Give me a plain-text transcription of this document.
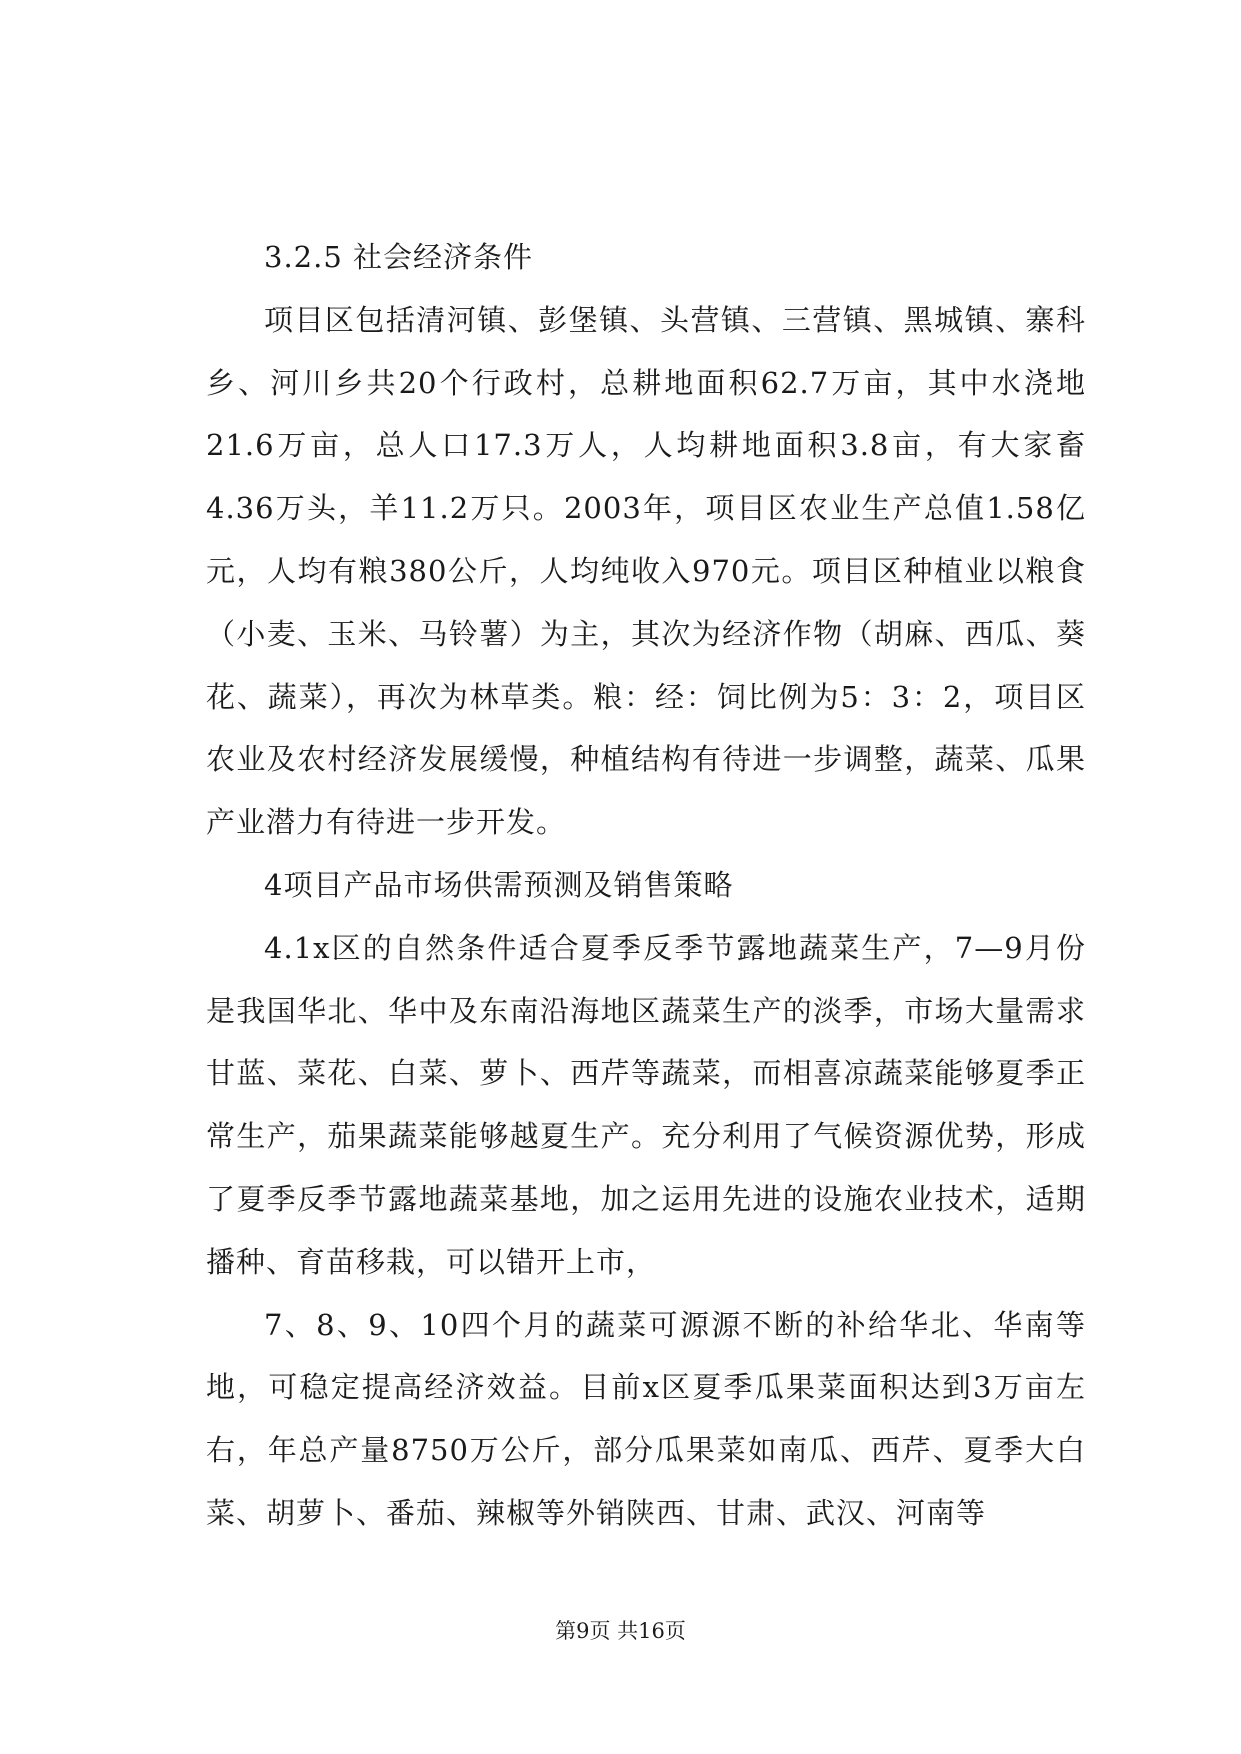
3.2.5 社会经济条件

项目区包括清河镇、彭堡镇、头营镇、三营镇、黑城镇、寨科乡、河川乡共20个行政村，总耕地面积62.7万亩，其中水浇地21.6万亩，总人口17.3万人，人均耕地面积3.8亩，有大家畜4.36万头，羊11.2万只。2003年，项目区农业生产总值1.58亿元，人均有粮380公斤，人均纯收入970元。项目区种植业以粮食（小麦、玉米、马铃薯）为主，其次为经济作物（胡麻、西瓜、葵花、蔬菜），再次为林草类。粮：经：饲比例为5：3：2，项目区农业及农村经济发展缓慢，种植结构有待进一步调整，蔬菜、瓜果产业潜力有待进一步开发。

4项目产品市场供需预测及销售策略

4.1x区的自然条件适合夏季反季节露地蔬菜生产，7—9月份是我国华北、华中及东南沿海地区蔬菜生产的淡季，市场大量需求甘蓝、菜花、白菜、萝卜、西芹等蔬菜，而相喜凉蔬菜能够夏季正常生产，茄果蔬菜能够越夏生产。充分利用了气候资源优势，形成了夏季反季节露地蔬菜基地，加之运用先进的设施农业技术，适期播种、育苗移栽，可以错开上市，

7、8、9、10四个月的蔬菜可源源不断的补给华北、华南等地，可稳定提高经济效益。目前x区夏季瓜果菜面积达到3万亩左右，年总产量8750万公斤，部分瓜果菜如南瓜、西芹、夏季大白菜、胡萝卜、番茄、辣椒等外销陕西、甘肃、武汉、河南等

第9页 共16页
